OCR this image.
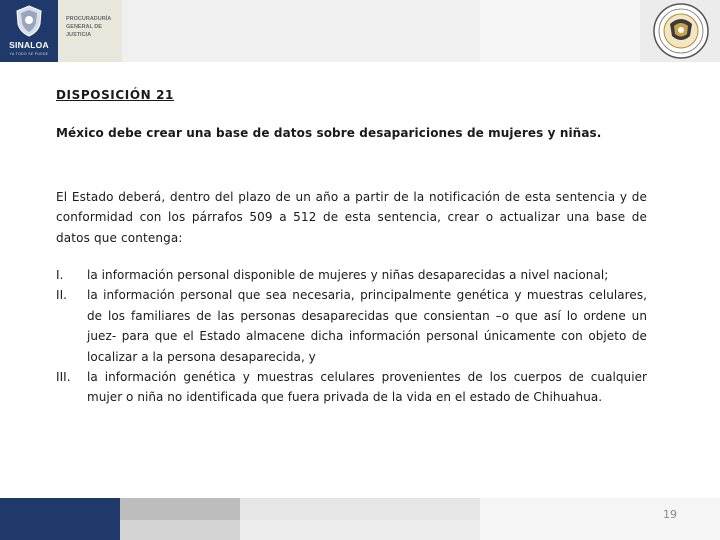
SINALOA
YA TODO SE PUEDE
PROCURADURÍA
GENERAL DE
JUSTICIA
DISPOSICIÓN 21
México debe crear una base de datos sobre desapariciones de mujeres y niñas.
El Estado deberá, dentro del plazo de un año a partir de la notificación de esta sentencia y de conformidad con los párrafos 509 a 512 de esta sentencia, crear o actualizar una base de datos que contenga:
I. la información personal disponible de mujeres y niñas desaparecidas a nivel nacional;
II. la información personal que sea necesaria, principalmente genética y muestras celulares, de los familiares de las personas desaparecidas que consientan –o que así lo ordene un juez- para que el Estado almacene dicha información personal únicamente con objeto de localizar a la persona desaparecida, y
III. la información genética y muestras celulares provenientes de los cuerpos de cualquier mujer o niña no identificada que fuera privada de la vida en el estado de Chihuahua.
19
